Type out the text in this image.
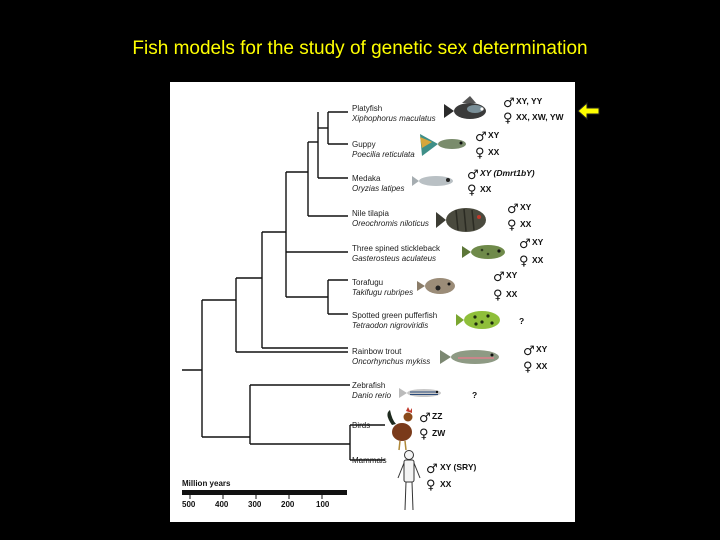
Fish models for the study of genetic sex determination
Platyfish
Xiphophorus maculatus
Guppy
Poecilia reticulata
Medaka
Oryzias latipes
Nile tilapia
Oreochromis niloticus
Three spined stickleback
Gasterosteus aculateus
Torafugu
Takifugu rubripes
Spotted green pufferfish
Tetraodon nigroviridis
Rainbow trout
Oncorhynchus mykiss
Zebrafish
Danio rerio
Birds
Mammals
♂ XY, YY
♀ XX, XW, YW
♂ XY
♀ XX
♂ XY (Dmrt1bY)
♀ XX
♂ XY
♀ XX
♂ XY
♀ XX
♂ XY
♀ XX
?
♂ XY
♀ XX
?
♂ ZZ
♀ ZW
♂ XY (SRY)
♀ XX
Million years
500 400 300 200	100
